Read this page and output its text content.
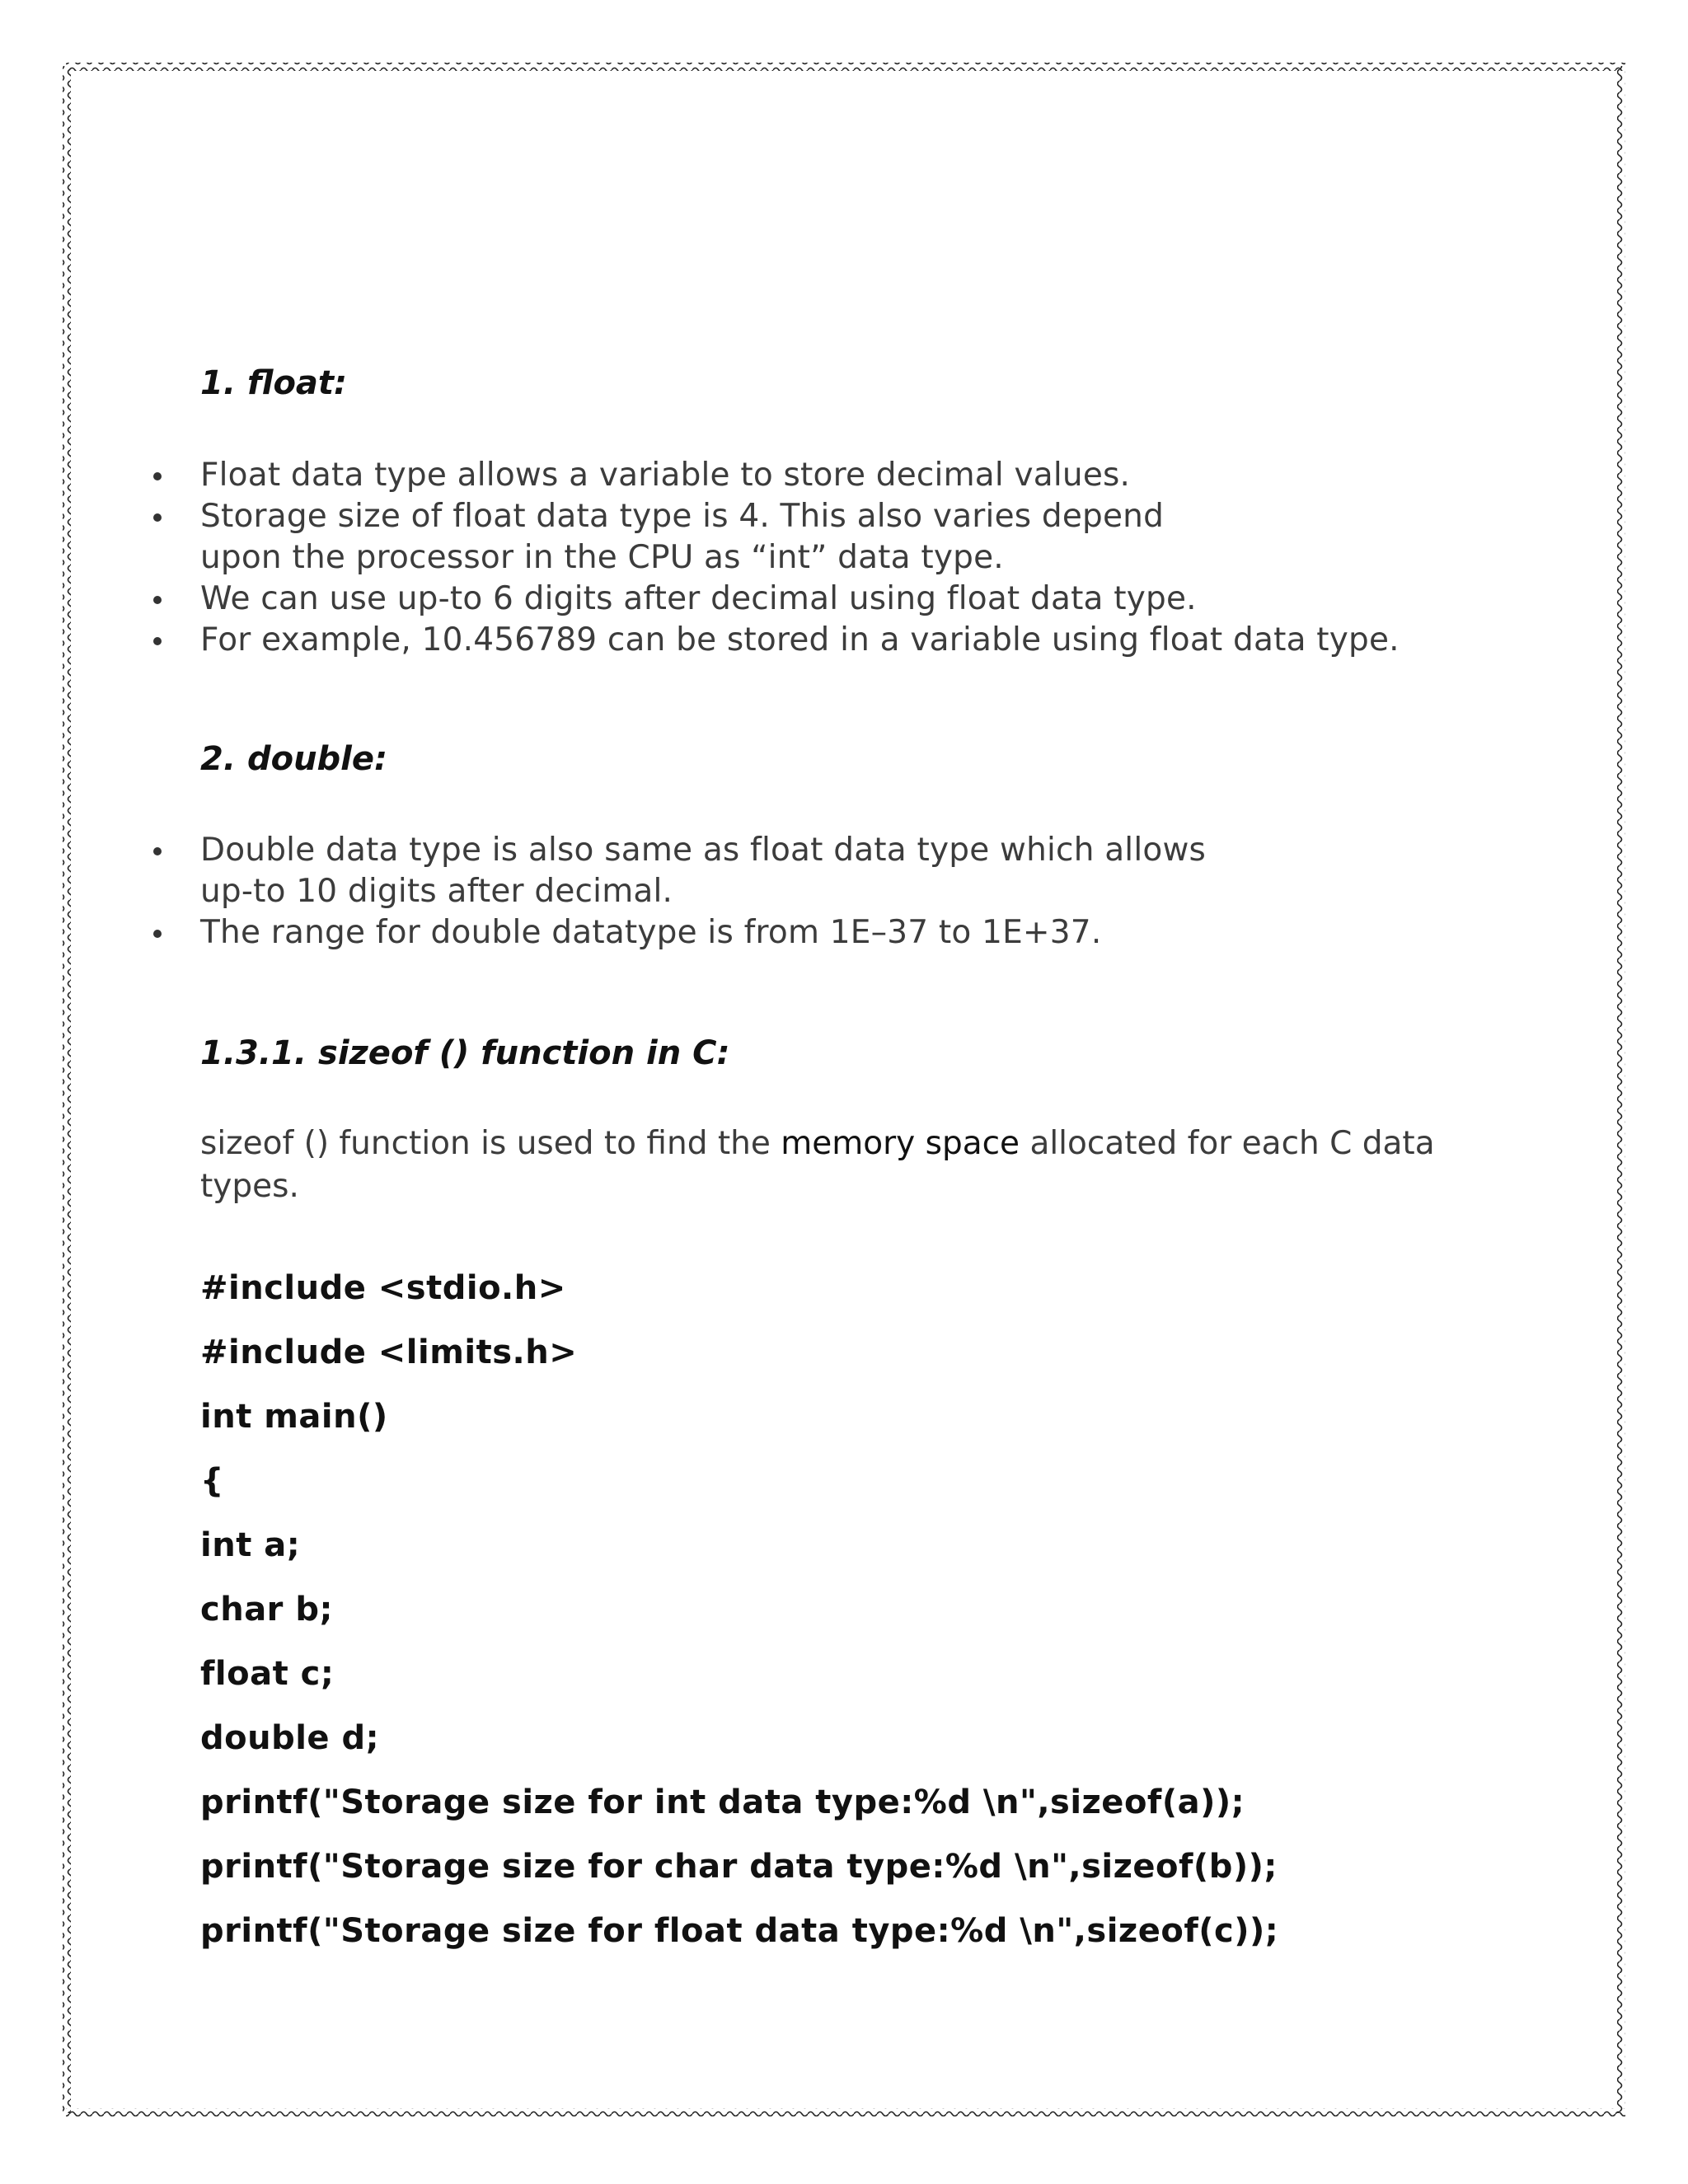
1. float:
Float data type allows a variable to store decimal values.
Storage size of float data type is 4. This also varies depend upon the processor in the CPU as “int” data type.
We can use up-to 6 digits after decimal using float data type.
For example, 10.456789 can be stored in a variable using float data type.
2. double:
Double data type is also same as float data type which allows up-to 10 digits after decimal.
The range for double datatype is from 1E–37 to 1E+37.
1.3.1. sizeof () function in C:
sizeof () function is used to find the memory space allocated for each C data types.
#include <stdio.h>
#include <limits.h>
int main()
{
int a;
char b;
float c;
double d;
printf("Storage size for int data type:%d \n",sizeof(a));
printf("Storage size for char data type:%d \n",sizeof(b));
printf("Storage size for float data type:%d \n",sizeof(c));
